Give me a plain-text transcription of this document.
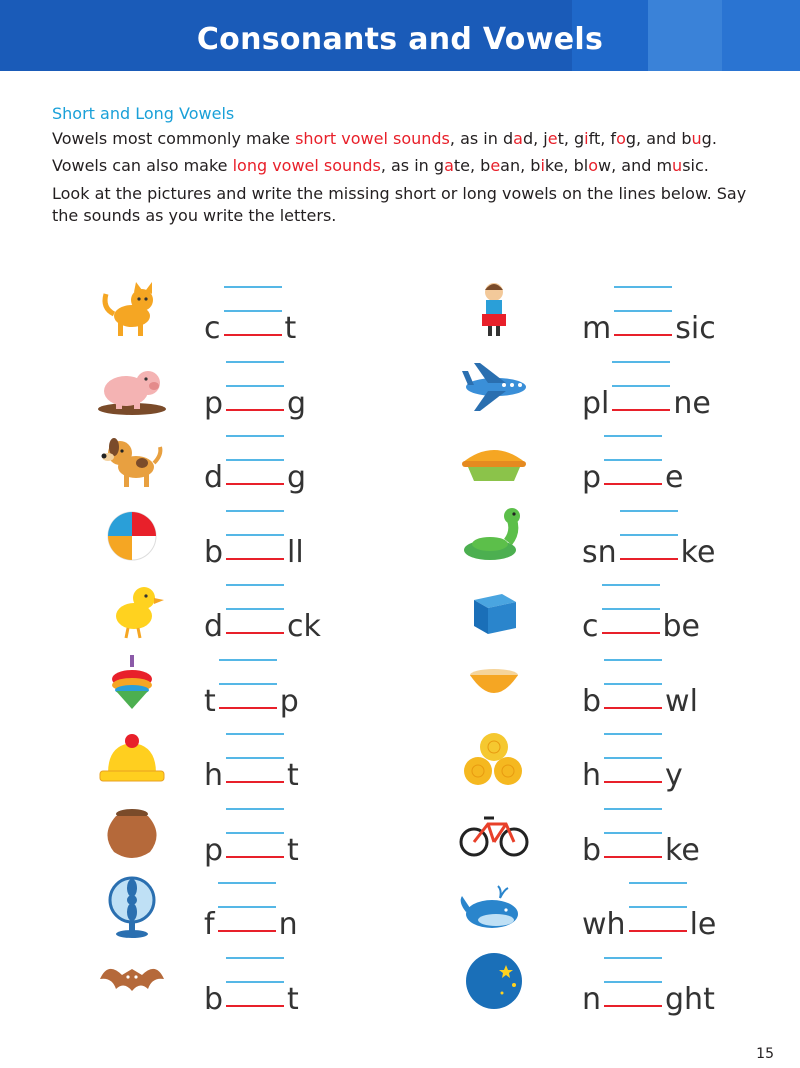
Consonants and Vowels
Short and Long Vowels
Vowels most commonly make short vowel sounds, as in dad, jet, gift, fog, and bug.
Vowels can also make long vowel sounds, as in gate, bean, bike, blow, and music.
Look at the pictures and write the missing short or long vowels on the lines below. Say the sounds as you write the letters.
c t
p g
d g
b ll
d ck
t p
h t
p t
f n
b t
m sic
pl ne
p e
sn ke
c be
b wl
h y
b ke
wh le
n ght
15
